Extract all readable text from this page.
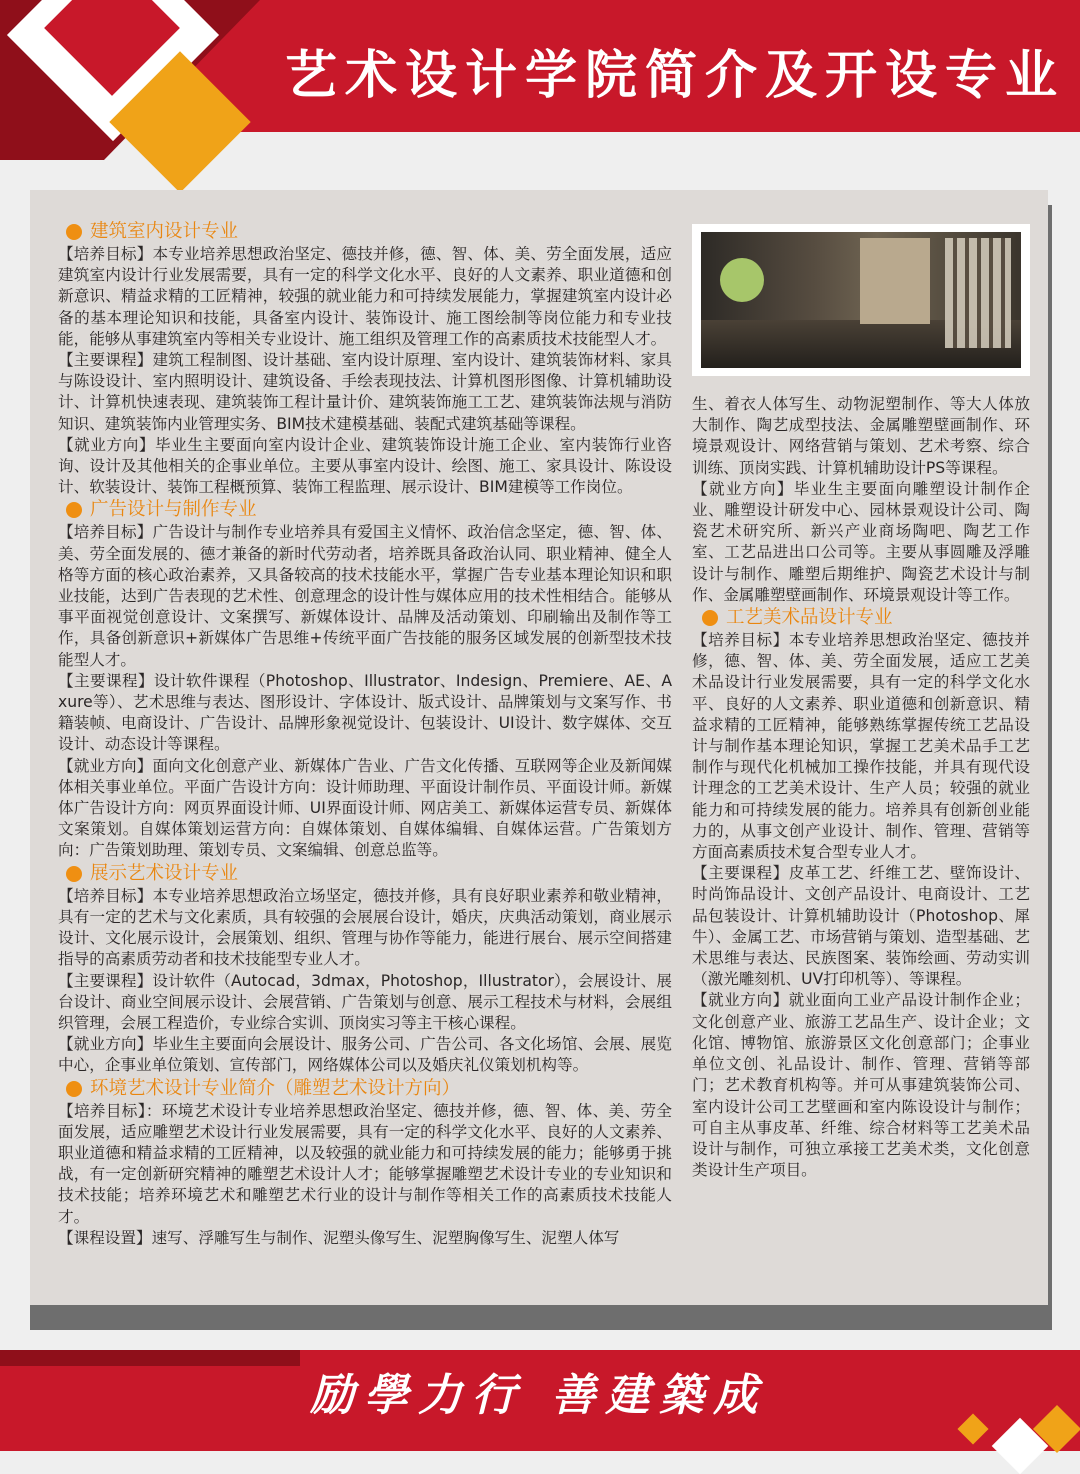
艺术设计学院简介及开设专业
建筑室内设计专业

【培养目标】本专业培养思想政治坚定、德技并修，德、智、体、美、劳全面发展，适应建筑室内设计行业发展需要，具有一定的科学文化水平、良好的人文素养、职业道德和创新意识、精益求精的工匠精神，较强的就业能力和可持续发展能力，掌握建筑室内设计必备的基本理论知识和技能，具备室内设计、装饰设计、施工图绘制等岗位能力和专业技能，能够从事建筑室内等相关专业设计、施工组织及管理工作的高素质技术技能型人才。

【主要课程】建筑工程制图、设计基础、室内设计原理、室内设计、建筑装饰材料、家具与陈设设计、室内照明设计、建筑设备、手绘表现技法、计算机图形图像、计算机辅助设计、计算机快速表现、建筑装饰工程计量计价、建筑装饰施工工艺、建筑装饰法规与消防知识、建筑装饰内业管理实务、BIM技术建模基础、装配式建筑基础等课程。

【就业方向】毕业生主要面向室内设计企业、建筑装饰设计施工企业、室内装饰行业咨询、设计及其他相关的企事业单位。主要从事室内设计、绘图、施工、家具设计、陈设设计、软装设计、装饰工程概预算、装饰工程监理、展示设计、BIM建模等工作岗位。

广告设计与制作专业

【培养目标】广告设计与制作专业培养具有爱国主义情怀、政治信念坚定，德、智、体、美、劳全面发展的、德才兼备的新时代劳动者，培养既具备政治认同、职业精神、健全人格等方面的核心政治素养，又具备较高的技术技能水平，掌握广告专业基本理论知识和职业技能，达到广告表现的艺术性、创意理念的设计性与媒体应用的技术性相结合。能够从事平面视觉创意设计、文案撰写、新媒体设计、品牌及活动策划、印刷输出及制作等工作，具备创新意识+新媒体广告思维+传统平面广告技能的服务区域发展的创新型技术技能型人才。

【主要课程】设计软件课程（Photoshop、Illustrator、Indesign、Premiere、AE、Axure等）、艺术思维与表达、图形设计、字体设计、版式设计、品牌策划与文案写作、书籍装帧、电商设计、广告设计、品牌形象视觉设计、包装设计、UI设计、数字媒体、交互设计、动态设计等课程。

【就业方向】面向文化创意产业、新媒体广告业、广告文化传播、互联网等企业及新闻媒体相关事业单位。平面广告设计方向：设计师助理、平面设计制作员、平面设计师。新媒体广告设计方向：网页界面设计师、UI界面设计师、网店美工、新媒体运营专员、新媒体文案策划。自媒体策划运营方向：自媒体策划、自媒体编辑、自媒体运营。广告策划方向：广告策划助理、策划专员、文案编辑、创意总监等。

展示艺术设计专业

【培养目标】本专业培养思想政治立场坚定，德技并修，具有良好职业素养和敬业精神，具有一定的艺术与文化素质，具有较强的会展展台设计，婚庆，庆典活动策划，商业展示设计、文化展示设计，会展策划、组织、管理与协作等能力，能进行展台、展示空间搭建指导的高素质劳动者和技术技能型专业人才。

【主要课程】设计软件（Autocad，3dmax，Photoshop，Illustrator），会展设计、展台设计、商业空间展示设计、会展营销、广告策划与创意、展示工程技术与材料，会展组织管理，会展工程造价，专业综合实训、顶岗实习等主干核心课程。

【就业方向】毕业生主要面向会展设计、服务公司、广告公司、各文化场馆、会展、展览中心，企事业单位策划、宣传部门，网络媒体公司以及婚庆礼仪策划机构等。

环境艺术设计专业简介（雕塑艺术设计方向）

【培养目标】：环境艺术设计专业培养思想政治坚定、德技并修，德、智、体、美、劳全面发展，适应雕塑艺术设计行业发展需要，具有一定的科学文化水平、良好的人文素养、职业道德和精益求精的工匠精神，以及较强的就业能力和可持续发展的能力；能够勇于挑战，有一定创新研究精神的雕塑艺术设计人才；能够掌握雕塑艺术设计专业的专业知识和技术技能；培养环境艺术和雕塑艺术行业的设计与制作等相关工作的高素质技术技能人才。

【课程设置】速写、浮雕写生与制作、泥塑头像写生、泥塑胸像写生、泥塑人体写

生、着衣人体写生、动物泥塑制作、等大人体放大制作、陶艺成型技法、金属雕塑壁画制作、环境景观设计、网络营销与策划、艺术考察、综合训练、顶岗实践、计算机辅助设计PS等课程。

【就业方向】毕业生主要面向雕塑设计制作企业、雕塑设计研发中心、园林景观设计公司、陶瓷艺术研究所、新兴产业商场陶吧、陶艺工作室、工艺品进出口公司等。主要从事圆雕及浮雕设计与制作、雕塑后期维护、陶瓷艺术设计与制作、金属雕塑壁画制作、环境景观设计等工作。

工艺美术品设计专业

【培养目标】本专业培养思想政治坚定、德技并修，德、智、体、美、劳全面发展，适应工艺美术品设计行业发展需要，具有一定的科学文化水平、良好的人文素养、职业道德和创新意识、精益求精的工匠精神，能够熟练掌握传统工艺品设计与制作基本理论知识，掌握工艺美术品手工艺制作与现代化机械加工操作技能，并具有现代设计理念的工艺美术设计、生产人员；较强的就业能力和可持续发展的能力。培养具有创新创业能力的，从事文创产业设计、制作、管理、营销等方面高素质技术复合型专业人才。

【主要课程】皮革工艺、纤维工艺、壁饰设计、时尚饰品设计、文创产品设计、电商设计、工艺品包装设计、计算机辅助设计（Photoshop、犀牛）、金属工艺、市场营销与策划、造型基础、艺术思维与表达、民族图案、装饰绘画、劳动实训（激光雕刻机、UV打印机等）、等课程。

【就业方向】就业面向工业产品设计制作企业；文化创意产业、旅游工艺品生产、设计企业；文化馆、博物馆、旅游景区文化创意部门；企事业单位文创、礼品设计、制作、管理、营销等部门；艺术教育机构等。并可从事建筑装饰公司、室内设计公司工艺壁画和室内陈设设计与制作；可自主从事皮革、纤维、综合材料等工艺美术品设计与制作，可独立承接工艺美术类，文化创意类设计生产项目。

励學力行 善建築成
